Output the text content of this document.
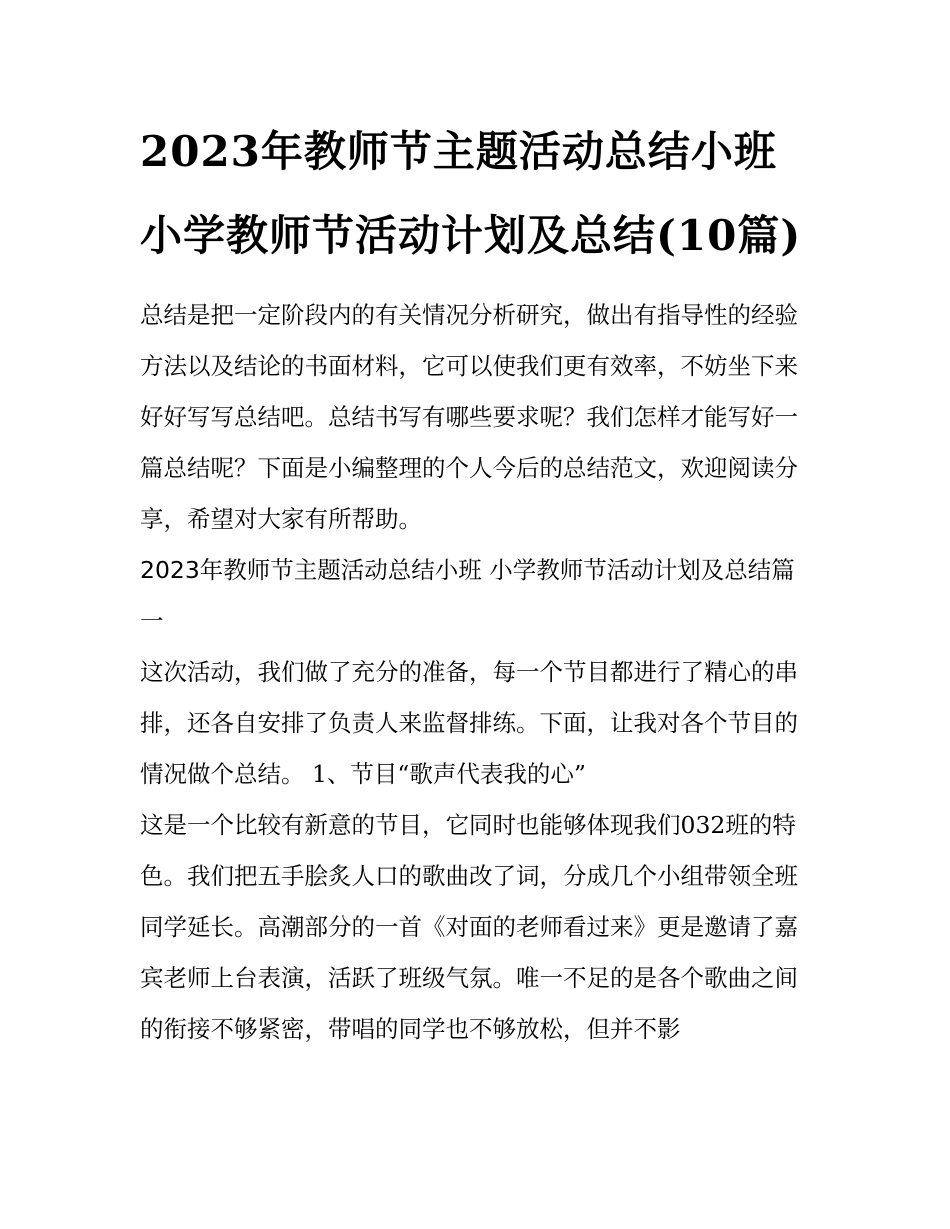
2023年教师节主题活动总结小班 小学教师节活动计划及总结(10篇)

总结是把一定阶段内的有关情况分析研究，做出有指导性的经验方法以及结论的书面材料，它可以使我们更有效率，不妨坐下来好好写写总结吧。总结书写有哪些要求呢？我们怎样才能写好一篇总结呢？下面是小编整理的个人今后的总结范文，欢迎阅读分享，希望对大家有所帮助。

2023年教师节主题活动总结小班 小学教师节活动计划及总结篇一

这次活动，我们做了充分的准备，每一个节目都进行了精心的串排，还各自安排了负责人来监督排练。下面，让我对各个节目的情况做个总结。 1、节目“歌声代表我的心”

这是一个比较有新意的节目，它同时也能够体现我们032班的特色。我们把五手脍炙人口的歌曲改了词，分成几个小组带领全班同学延长。高潮部分的一首《对面的老师看过来》更是邀请了嘉宾老师上台表演，活跃了班级气氛。唯一不足的是各个歌曲之间的衔接不够紧密，带唱的同学也不够放松，但并不影
